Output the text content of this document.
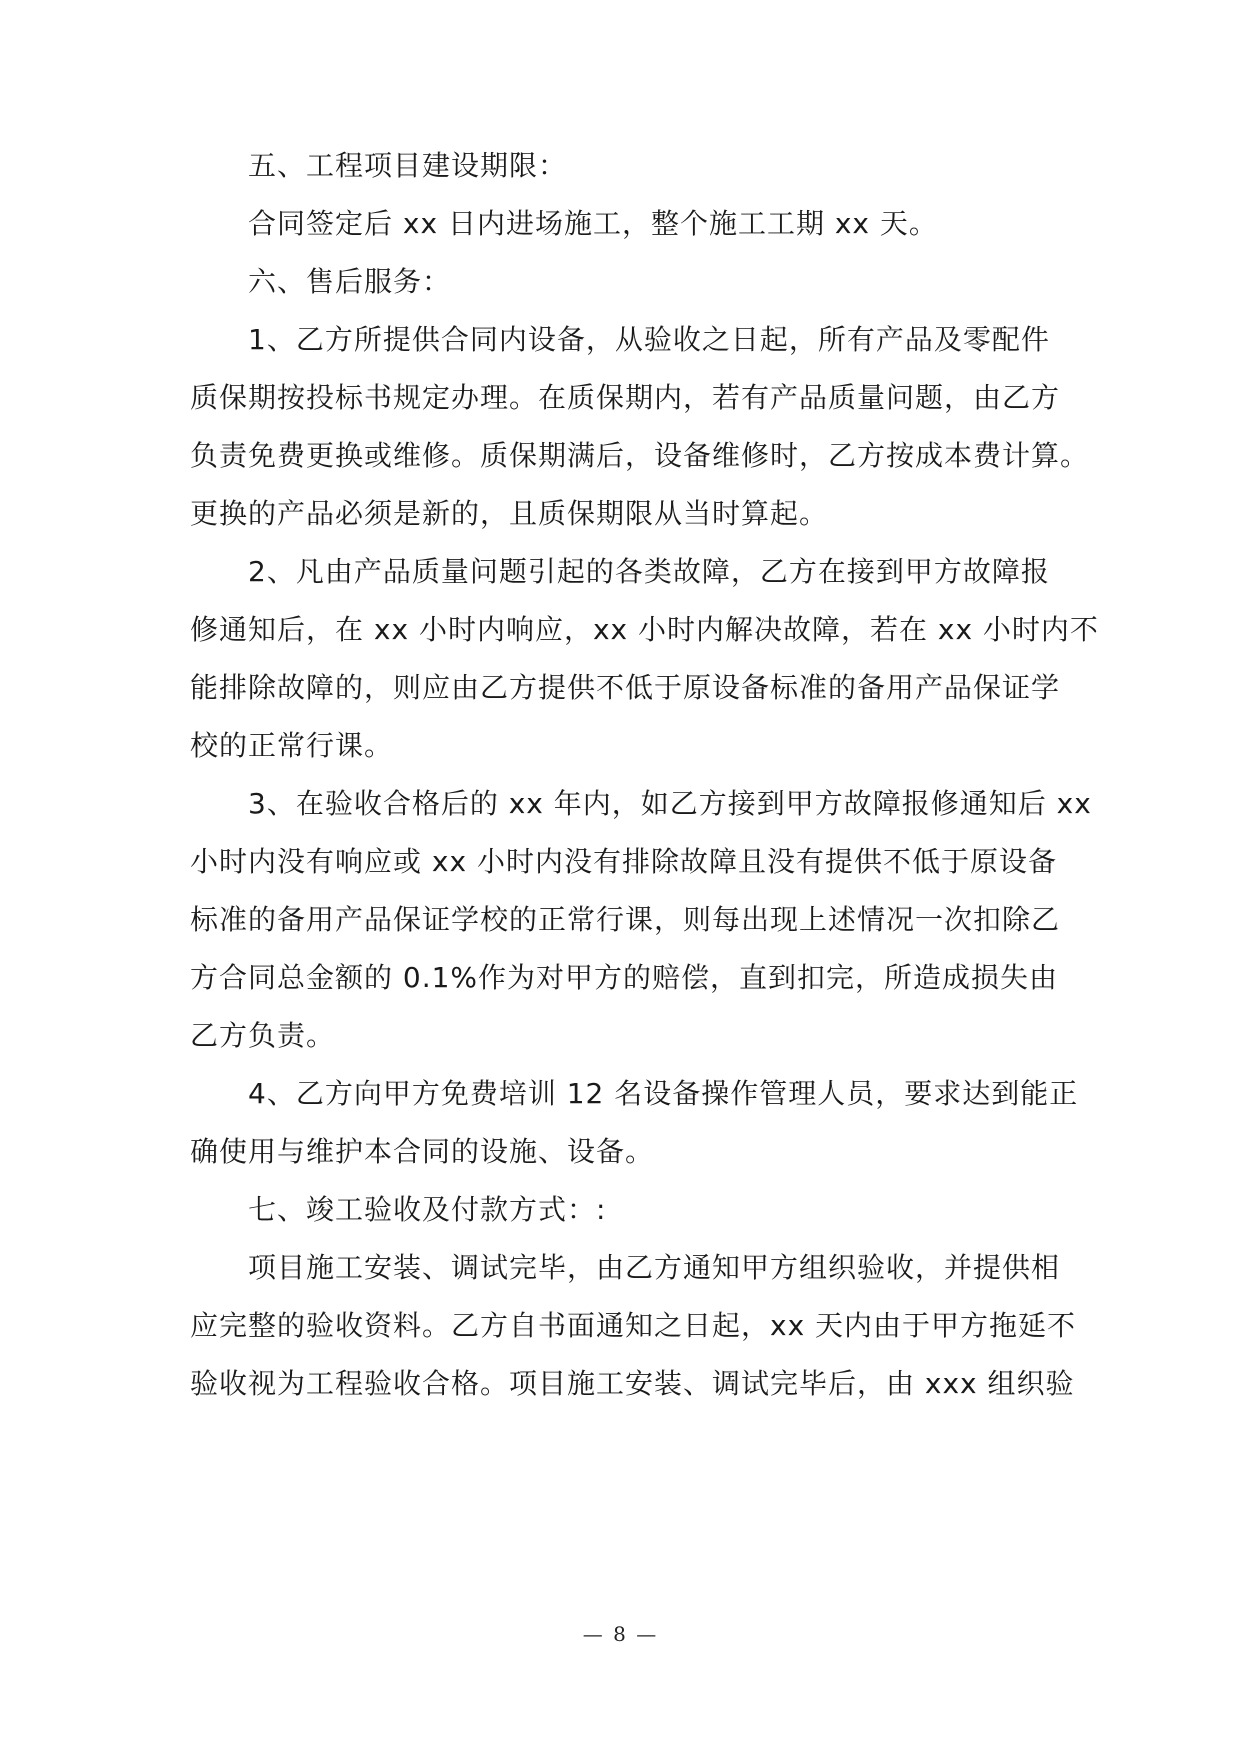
五、工程项目建设期限：
合同签定后 xx 日内进场施工，整个施工工期 xx 天。
六、售后服务：
1、乙方所提供合同内设备，从验收之日起，所有产品及零配件
质保期按投标书规定办理。在质保期内，若有产品质量问题，由乙方
负责免费更换或维修。质保期满后，设备维修时，乙方按成本费计算。
更换的产品必须是新的，且质保期限从当时算起。
2、凡由产品质量问题引起的各类故障，乙方在接到甲方故障报
修通知后，在 xx 小时内响应，xx 小时内解决故障，若在 xx 小时内不
能排除故障的，则应由乙方提供不低于原设备标准的备用产品保证学
校的正常行课。
3、在验收合格后的 xx 年内，如乙方接到甲方故障报修通知后 xx
小时内没有响应或 xx 小时内没有排除故障且没有提供不低于原设备
标准的备用产品保证学校的正常行课，则每出现上述情况一次扣除乙
方合同总金额的 0.1%作为对甲方的赔偿，直到扣完，所造成损失由
乙方负责。
4、乙方向甲方免费培训 12 名设备操作管理人员，要求达到能正
确使用与维护本合同的设施、设备。
七、竣工验收及付款方式：:
项目施工安装、调试完毕，由乙方通知甲方组织验收，并提供相
应完整的验收资料。乙方自书面通知之日起，xx 天内由于甲方拖延不
验收视为工程验收合格。项目施工安装、调试完毕后，由 xxx 组织验
— 8 —
